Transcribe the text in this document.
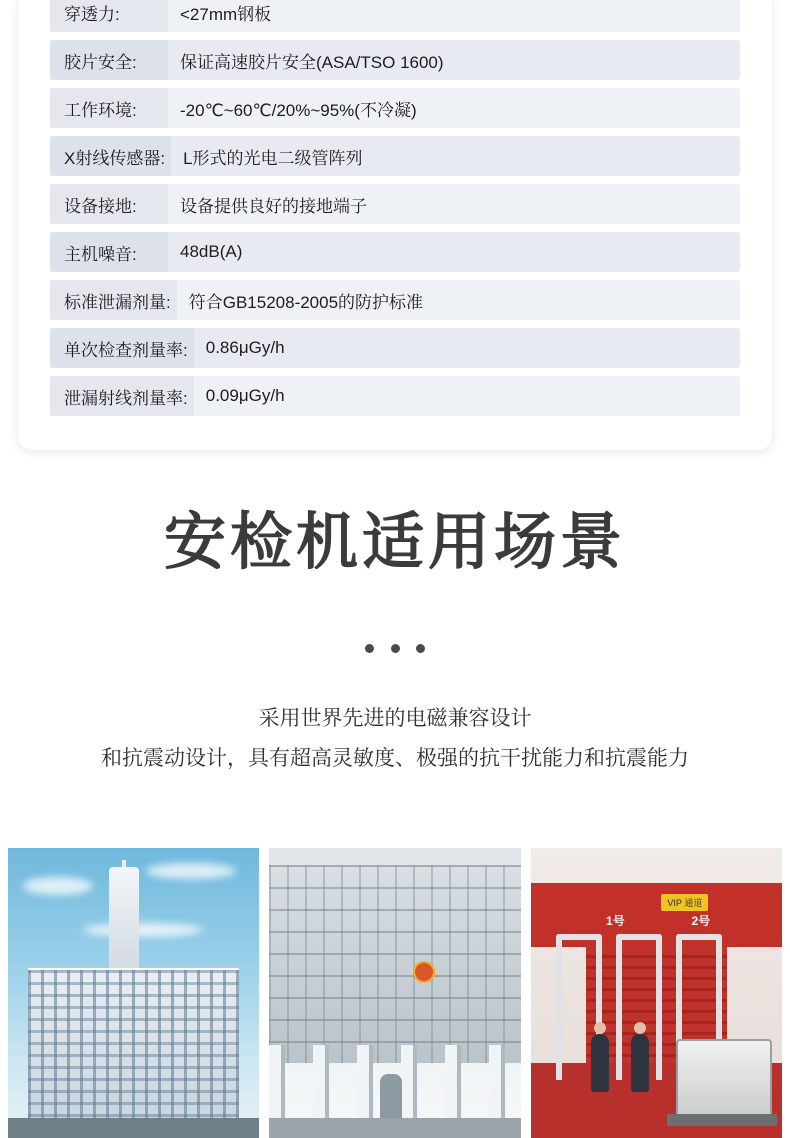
穿透力:	<27mm钢板
胶片安全:	保证高速胶片安全(ASA/TSO 1600)
工作环境:	-20℃~60℃/20%~95%(不冷凝)
X射线传感器:	L形式的光电二级管阵列
设备接地:	设备提供良好的接地端子
主机噪音:	48dB(A)
标准泄漏剂量:	符合GB15208-2005的防护标准
单次检查剂量率:	0.86μGy/h
泄漏射线剂量率:	0.09μGy/h
安检机适用场景

采用世界先进的电磁兼容设计
和抗震动设计，具有超高灵敏度、极强的抗干扰能力和抗震能力
VIP 通道
1号	2号
